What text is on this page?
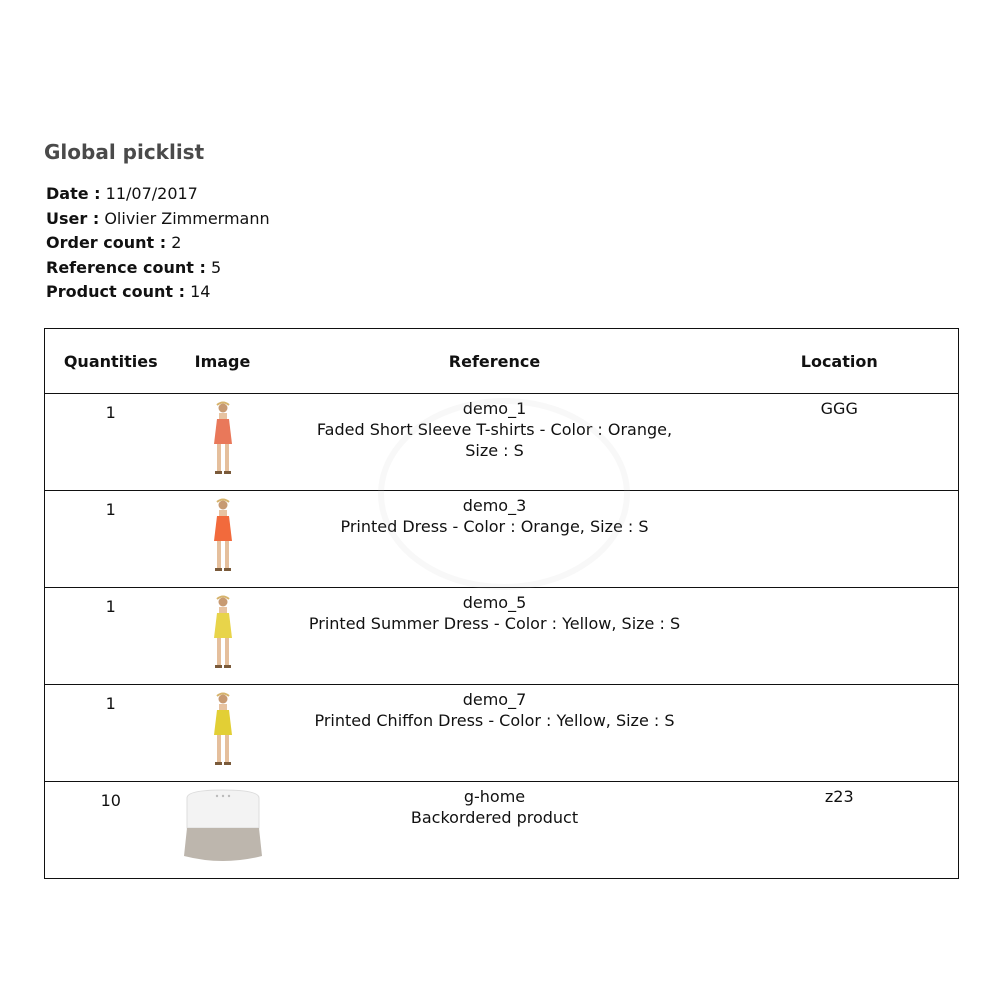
Global picklist
Date : 11/07/2017
User : Olivier Zimmermann
Order count : 2
Reference count : 5
Product count : 14
Quantities	Image	Reference	Location
1		demo_1

Faded Short Sleeve T-shirts - Color : Orange, Size : S	GGG
1		demo_3

Printed Dress - Color : Orange, Size : S	

1		demo_5

Printed Summer Dress - Color : Yellow, Size : S	

1		demo_7

Printed Chiffon Dress - Color : Yellow, Size : S	

10		g-home

Backordered product	z23
